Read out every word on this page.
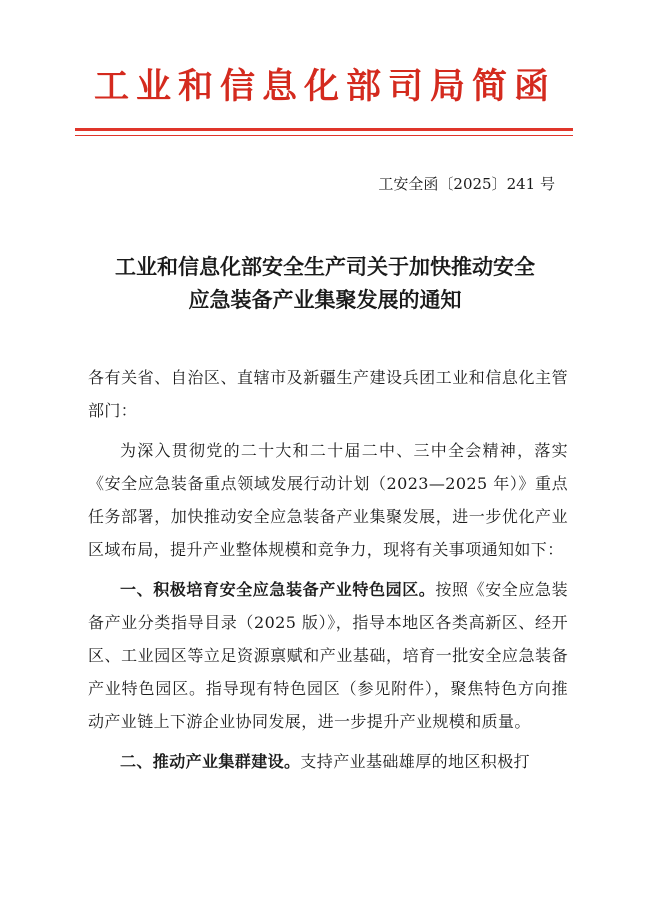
工业和信息化部司局简函
工安全函〔2025〕241 号
工业和信息化部安全生产司关于加快推动安全
应急装备产业集聚发展的通知

各有关省、自治区、直辖市及新疆生产建设兵团工业和信息化主管部门：

为深入贯彻党的二十大和二十届二中、三中全会精神，落实《安全应急装备重点领域发展行动计划（2023—2025 年）》重点任务部署，加快推动安全应急装备产业集聚发展，进一步优化产业区域布局，提升产业整体规模和竞争力，现将有关事项通知如下：

一、积极培育安全应急装备产业特色园区。按照《安全应急装备产业分类指导目录（2025 版）》，指导本地区各类高新区、经开区、工业园区等立足资源禀赋和产业基础，培育一批安全应急装备产业特色园区。指导现有特色园区（参见附件），聚焦特色方向推动产业链上下游企业协同发展，进一步提升产业规模和质量。

二、推动产业集群建设。支持产业基础雄厚的地区积极打
